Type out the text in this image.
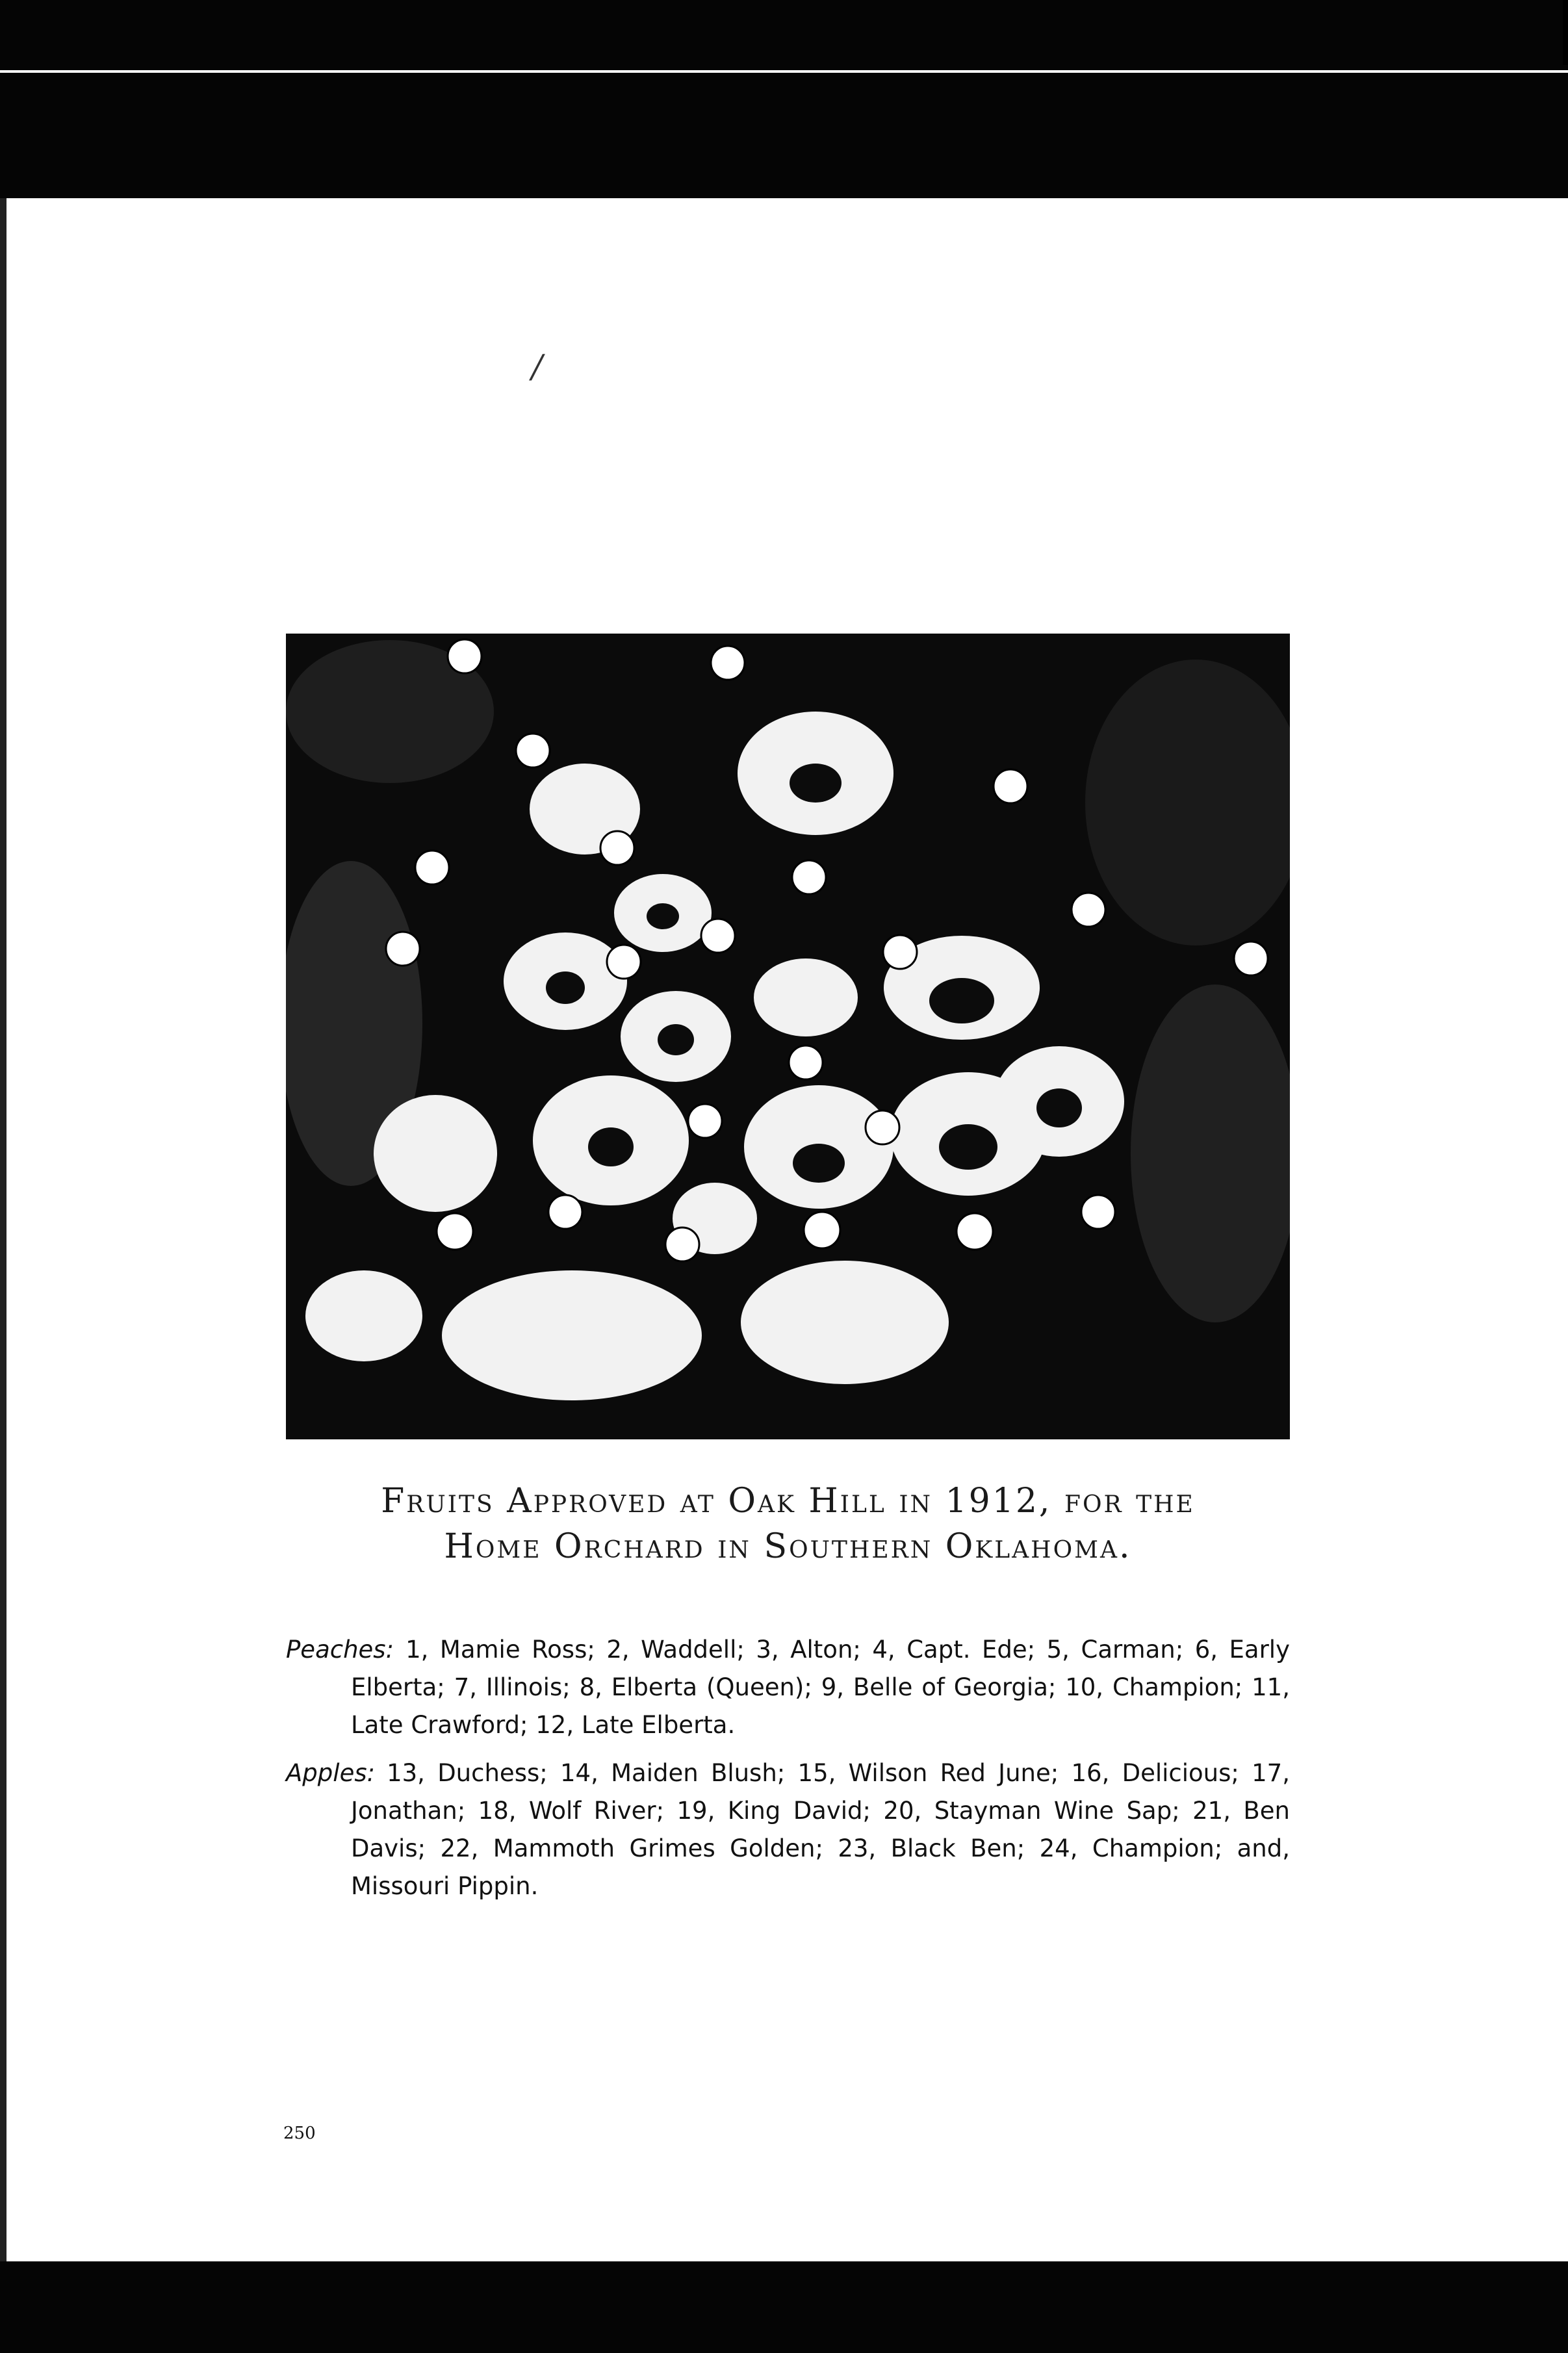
/
Fruits Approved at Oak Hill in 1912, for the
Home Orchard in Southern Oklahoma.

Peaches: 1, Mamie Ross; 2, Waddell; 3, Alton; 4, Capt. Ede; 5, Carman; 6, Early Elberta; 7, Illinois; 8, Elberta (Queen); 9, Belle of Georgia; 10, Champion; 11, Late Crawford; 12, Late Elberta.

Apples: 13, Duchess; 14, Maiden Blush; 15, Wilson Red June; 16, Delicious; 17, Jonathan; 18, Wolf River; 19, King David; 20, Stayman Wine Sap; 21, Ben Davis; 22, Mammoth Grimes Golden; 23, Black Ben; 24, Champion; and, Missouri Pippin.

250
